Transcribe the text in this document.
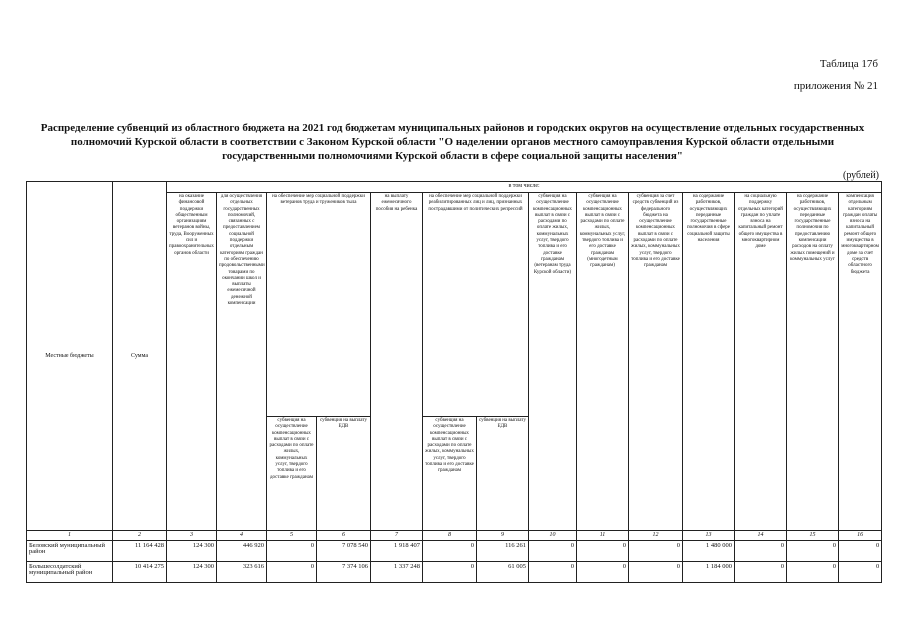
Таблица 17б
приложения № 21
Распределение субвенций из областного бюджета на 2021 год бюджетам муниципальных районов и городских округов на осуществление отдельных государственных полномочий Курской области в соответствии с Законом Курской области "О наделении органов местного самоуправления Курской области отдельными государственными полномочиями Курской области в сфере социальной защиты населения"
(рублей)
Местные бюджеты	Сумма	в том числе:													
		на оказание финансовой поддержки общественным организациям ветеранов войны, труда, Вооруженных сил и правоохранительных органов области	для осуществления отдельных государственных полномочий, связанных с предоставлением социальной поддержки отдельным категориям граждан по обеспечению продовольственными товарами по окончании школ и выплаты ежемесячной денежной компенсации	на обеспечение мер социальной поддержки ветеранов труда и тружеников тыла		на выплату ежемесячного пособия на ребенка	на обеспечение мер социальной поддержки реабилитированных лиц и лиц, признанных пострадавшими от политических репрессий		субвенция на осуществление компенсационных выплат в связи с расходами по оплате жилых, коммунальных услуг, твердого топлива и его доставке гражданам (ветеранам труда Курской области)	субвенция на осуществление компенсационных выплат в связи с расходами по оплате жилых, коммунальных услуг, твердого топлива и его доставке гражданам (многодетным гражданам)	субвенция за счет средств субвенций из федерального бюджета на осуществление компенсационных выплат в связи с расходами по оплате жилых, коммунальных услуг, твердого топлива и его доставке гражданам	на содержание работников, осуществляющих переданные государственные полномочия в сфере социальной защиты населения	на социальную поддержку отдельных категорий граждан по уплате взноса на капитальный ремонт общего имущества в многоквартирном доме	на содержание работников, осуществляющих переданные государственные полномочия по предоставлению компенсации расходов на оплату жилых помещений и коммунальных услуг	компенсация отдельным категориям граждан оплаты взноса на капитальный ремонт общего имущества в многоквартирном доме за счет средств областного бюджета
				субвенция на осуществление компенсационных выплат в связи с расходами по оплате жилых, коммунальных услуг, твердого топлива и его доставке гражданам	субвенция на выплату ЕДВ		субвенция на осуществление компенсационных выплат в связи с расходами по оплате жилых, коммунальных услуг, твердого топлива и его доставке гражданам	субвенция на выплату ЕДВ							
1	2	3	4	5	6	7	8	9	10	11	12	13	14	15	16
Беловский муниципальный район	11 164 428	124 300	446 920	0	7 078 540	1 918 407	0	116 261	0	0	0	1 480 000	0	0	0
Большесолдатский муниципальный район	10 414 275	124 300	323 616	0	7 374 106	1 337 248	0	61 005	0	0	0	1 184 000	0	0	0
